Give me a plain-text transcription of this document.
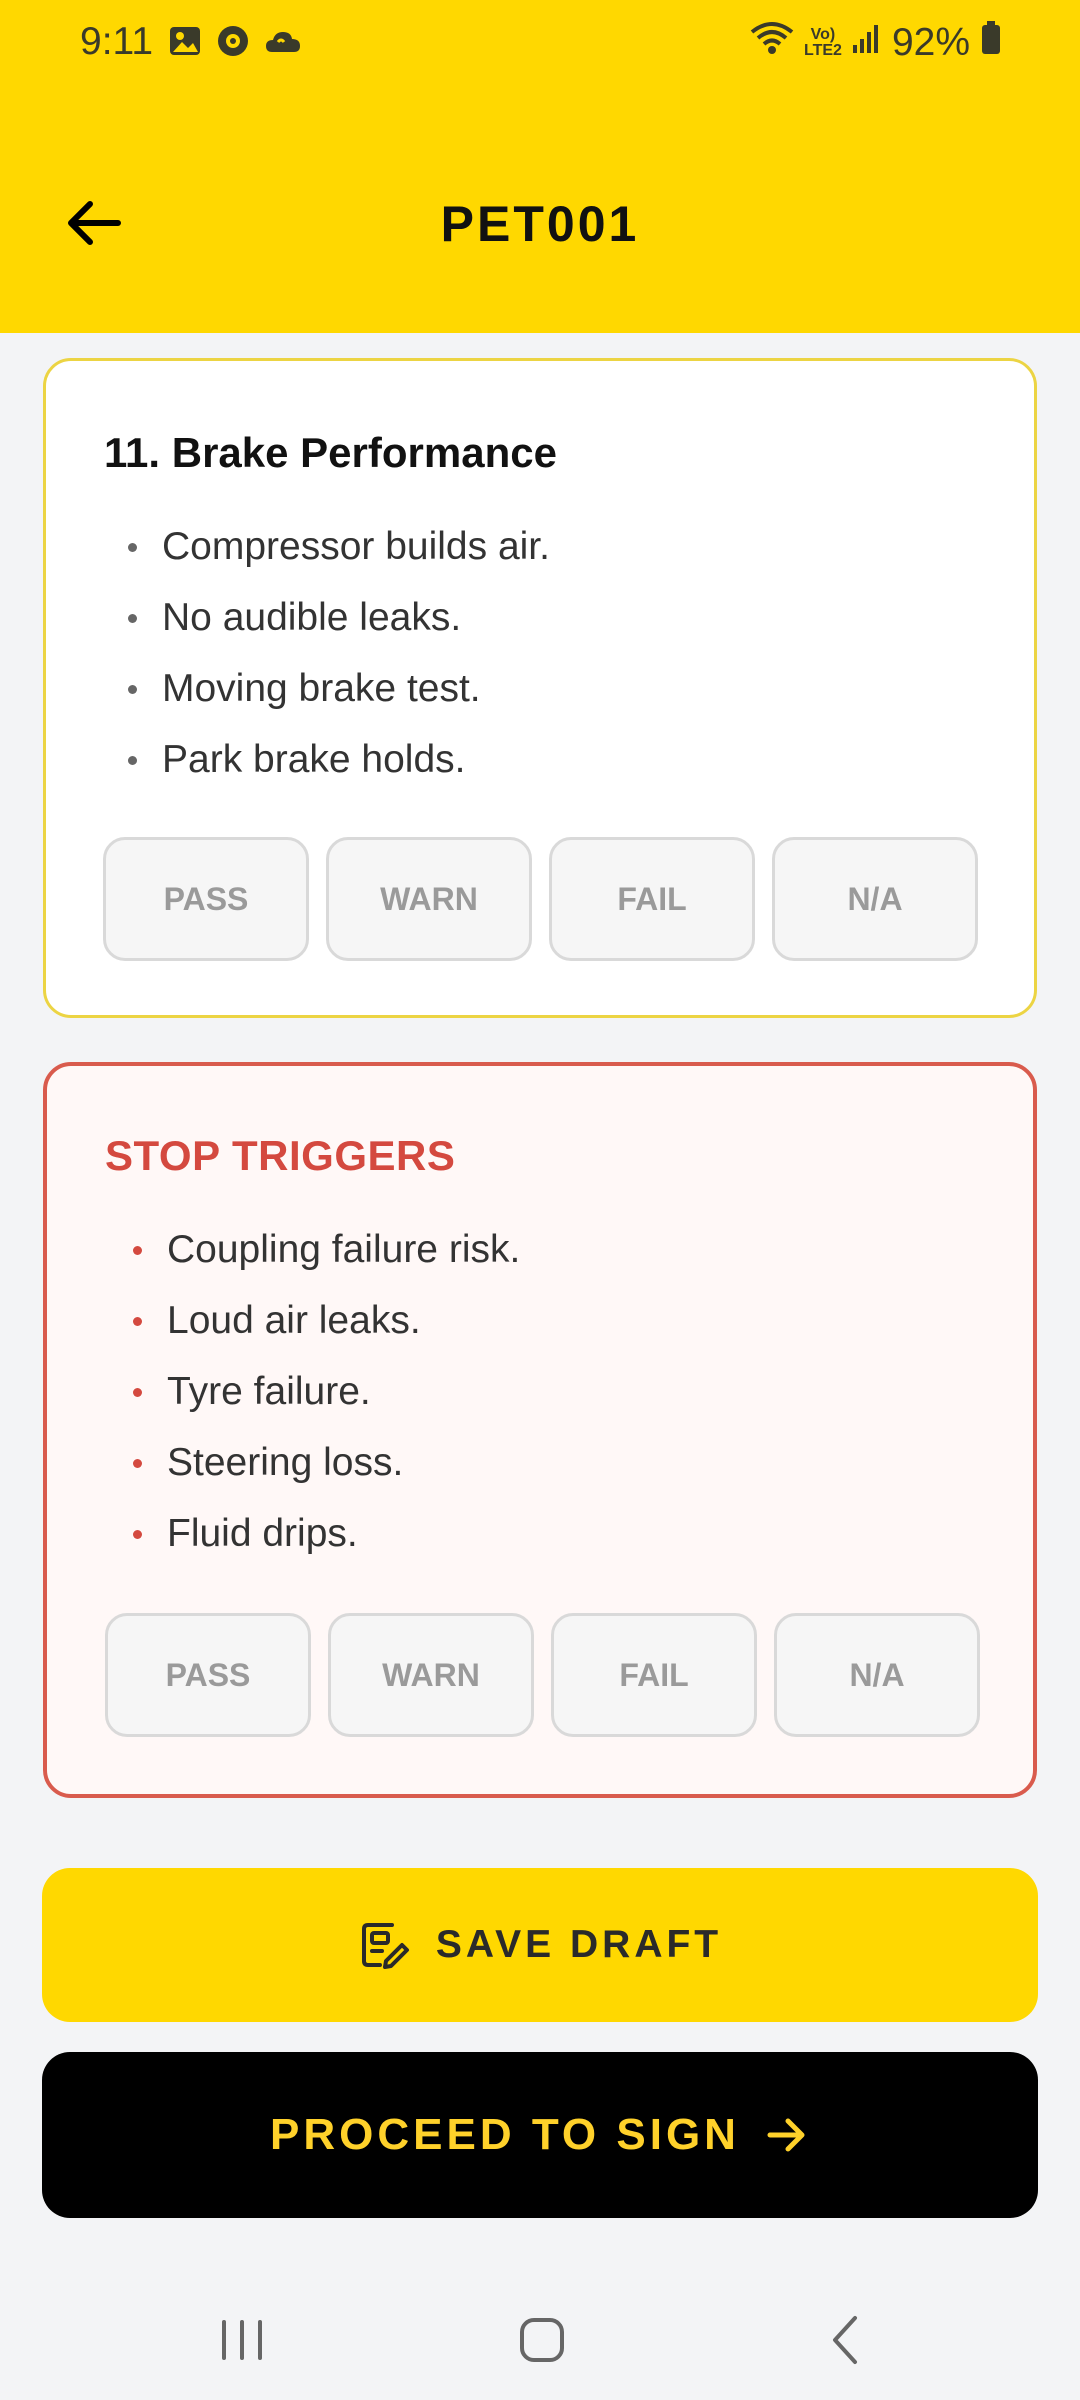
9:11	Vo)
LTE2 92%
PET001
11. Brake Performance
Compressor builds air.
No audible leaks.
Moving brake test.
Park brake holds.
PASS	WARN	FAIL	N/A
STOP TRIGGERS
Coupling failure risk.
Loud air leaks.
Tyre failure.
Steering loss.
Fluid drips.
PASS	WARN	FAIL	N/A
SAVE DRAFT
PROCEED TO SIGN
